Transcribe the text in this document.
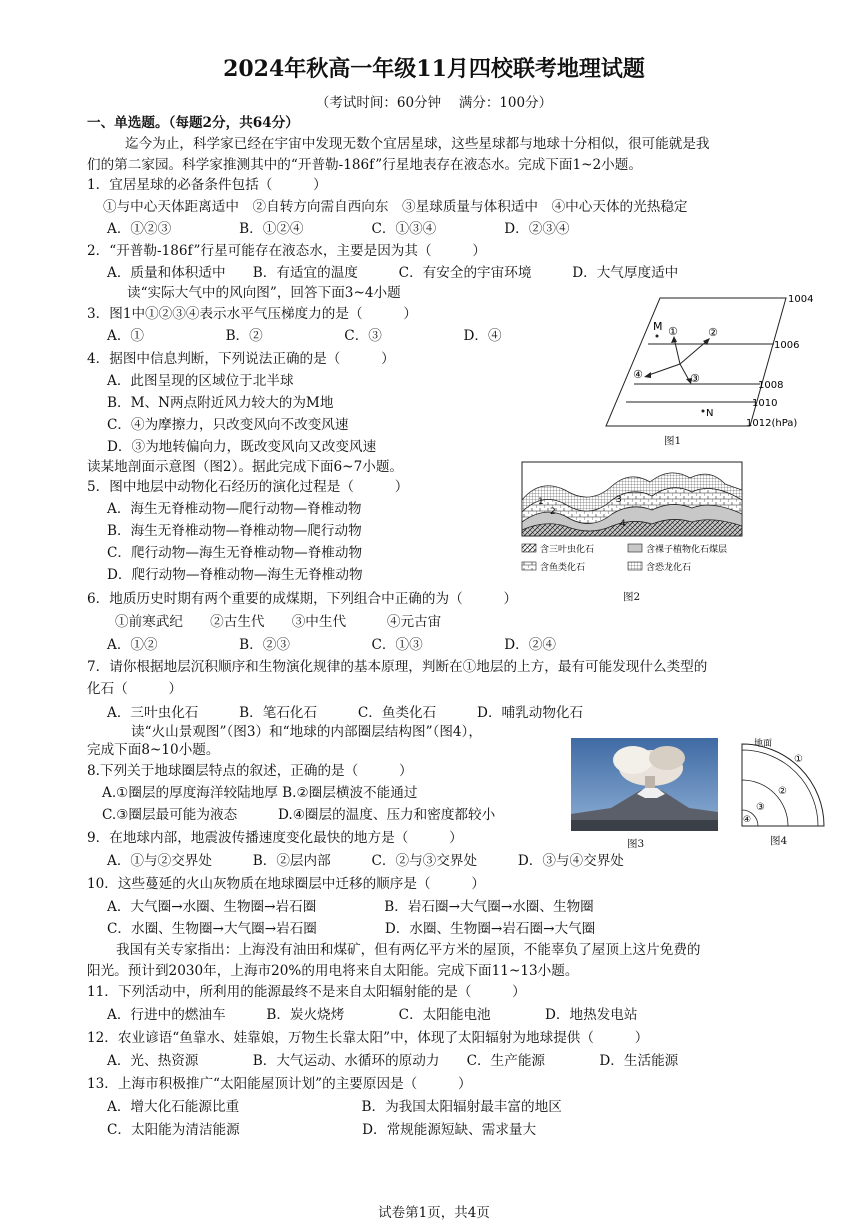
2024年秋高一年级11月四校联考地理试题
（考试时间：60分钟　 满分：100分）
一、单选题。（每题2分，共64分）
迄今为止，科学家已经在宇宙中发现无数个宜居星球，这些星球都与地球十分相似，很可能就是我
们的第二家园。科学家推测其中的“开普勒-186f”行星地表存在液态水。完成下面1~2小题。
1．宜居星球的必备条件包括（　　　）
①与中心天体距离适中　②自转方向需自西向东　③星球质量与体积适中　④中心天体的光热稳定
A．①②③　　　　　B．①②④　　　　　C．①③④　　　　　D．②③④
2．“开普勒-186f”行星可能存在液态水，主要是因为其（　　　）
A．质量和体积适中　　B．有适宜的温度　　　C．有安全的宇宙环境　　　D．大气厚度适中
读“实际大气中的风向图”，回答下面3~4小题
3．图1中①②③④表示水平气压梯度力的是（　　　）
A．①　　　　　　B．②　　　　　　C．③　　　　　　D．④
4．据图中信息判断，下列说法正确的是（　　　）
A．此图呈现的区域位于北半球
B．M、N两点附近风力较大的为M地
C．④为摩擦力，只改变风向不改变风速
D．③为地转偏向力，既改变风向又改变风速
读某地剖面示意图（图2）。据此完成下面6~7小题。
5．图中地层中动物化石经历的演化过程是（　　　）
A．海生无脊椎动物—爬行动物—脊椎动物
B．海生无脊椎动物—脊椎动物—爬行动物
C．爬行动物—海生无脊椎动物—脊椎动物
D．爬行动物—脊椎动物—海生无脊椎动物
6．地质历史时期有两个重要的成煤期，下列组合中正确的为（　　　）
①前寒武纪　　②古生代　　③中生代　　　④元古宙
A．①②　　　　　　B．②③　　　　　　C．①③　　　　　　D．②④
7．请你根据地层沉积顺序和生物演化规律的基本原理，判断在①地层的上方，最有可能发现什么类型的
化石（　　　）
A．三叶虫化石　　　B．笔石化石　　　C．鱼类化石　　　D．哺乳动物化石
读“火山景观图”（图3）和“地球的内部圈层结构图”（图4），
完成下面8~10小题。
8.下列关于地球圈层特点的叙述，正确的是（　　　）
A.①圈层的厚度海洋较陆地厚 B.②圈层横波不能通过
C.③圈层最可能为液态　　　D.④圈层的温度、压力和密度都较小
9．在地球内部，地震波传播速度变化最快的地方是（　　　）
A．①与②交界处　　　B．②层内部　　　C．②与③交界处　　　D．③与④交界处
10．这些蔓延的火山灰物质在地球圈层中迁移的顺序是（　　　）
A．大气圈→水圈、生物圈→岩石圈　　　　　B．岩石圈→大气圈→水圈、生物圈
C．水圈、生物圈→大气圈→岩石圈　　　　　D．水圈、生物圈→岩石圈→大气圈
我国有关专家指出：上海没有油田和煤矿，但有两亿平方米的屋顶，不能辜负了屋顶上这片免费的
阳光。预计到2030年，上海市20%的用电将来自太阳能。完成下面11~13小题。
11．下列活动中，所利用的能源最终不是来自太阳辐射能的是（　　　）
A．行进中的燃油车　　　B．炭火烧烤　　　　C．太阳能电池　　　　D．地热发电站
12．农业谚语“鱼靠水、娃靠娘，万物生长靠太阳”中，体现了太阳辐射为地球提供（　　　）
A．光、热资源　　　　B．大气运动、水循环的原动力　　C．生产能源　　　　D．生活能源
13．上海市积极推广“太阳能屋顶计划”的主要原因是（　　　）
A．增大化石能源比重　　　　　　　　　B．为我国太阳辐射最丰富的地区
C．太阳能为清洁能源　　　　　　　　　D．常规能源短缺、需求量大
1004
1006
1008
1010
1012(hPa)
M
N
①	②
③
④
图1
1
2
3
4
含三叶虫化石	含裸子植物化石煤层
含鱼类化石	含恐龙化石
图2
图3
地面
①
②
③
④
图4
试卷第1页，共4页
